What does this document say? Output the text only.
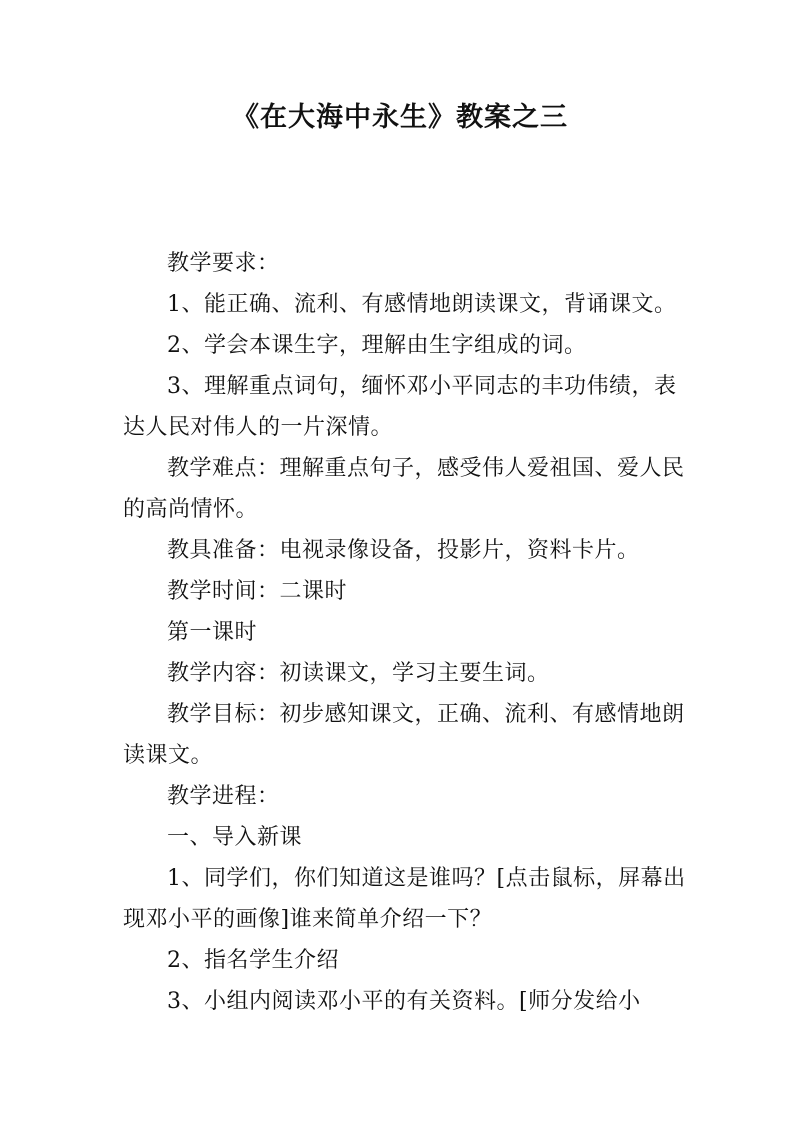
《在大海中永生》教案之三

教学要求：

1、能正确、流利、有感情地朗读课文，背诵课文。

2、学会本课生字，理解由生字组成的词。

3、理解重点词句，缅怀邓小平同志的丰功伟绩，表达人民对伟人的一片深情。

教学难点：理解重点句子，感受伟人爱祖国、爱人民的高尚情怀。

教具准备：电视录像设备，投影片，资料卡片。

教学时间：二课时

第一课时

教学内容：初读课文，学习主要生词。

教学目标：初步感知课文，正确、流利、有感情地朗读课文。

教学进程：

一、导入新课

1、同学们，你们知道这是谁吗？[点击鼠标，屏幕出现邓小平的画像]谁来简单介绍一下？

2、指名学生介绍

3、小组内阅读邓小平的有关资料。[师分发给小
